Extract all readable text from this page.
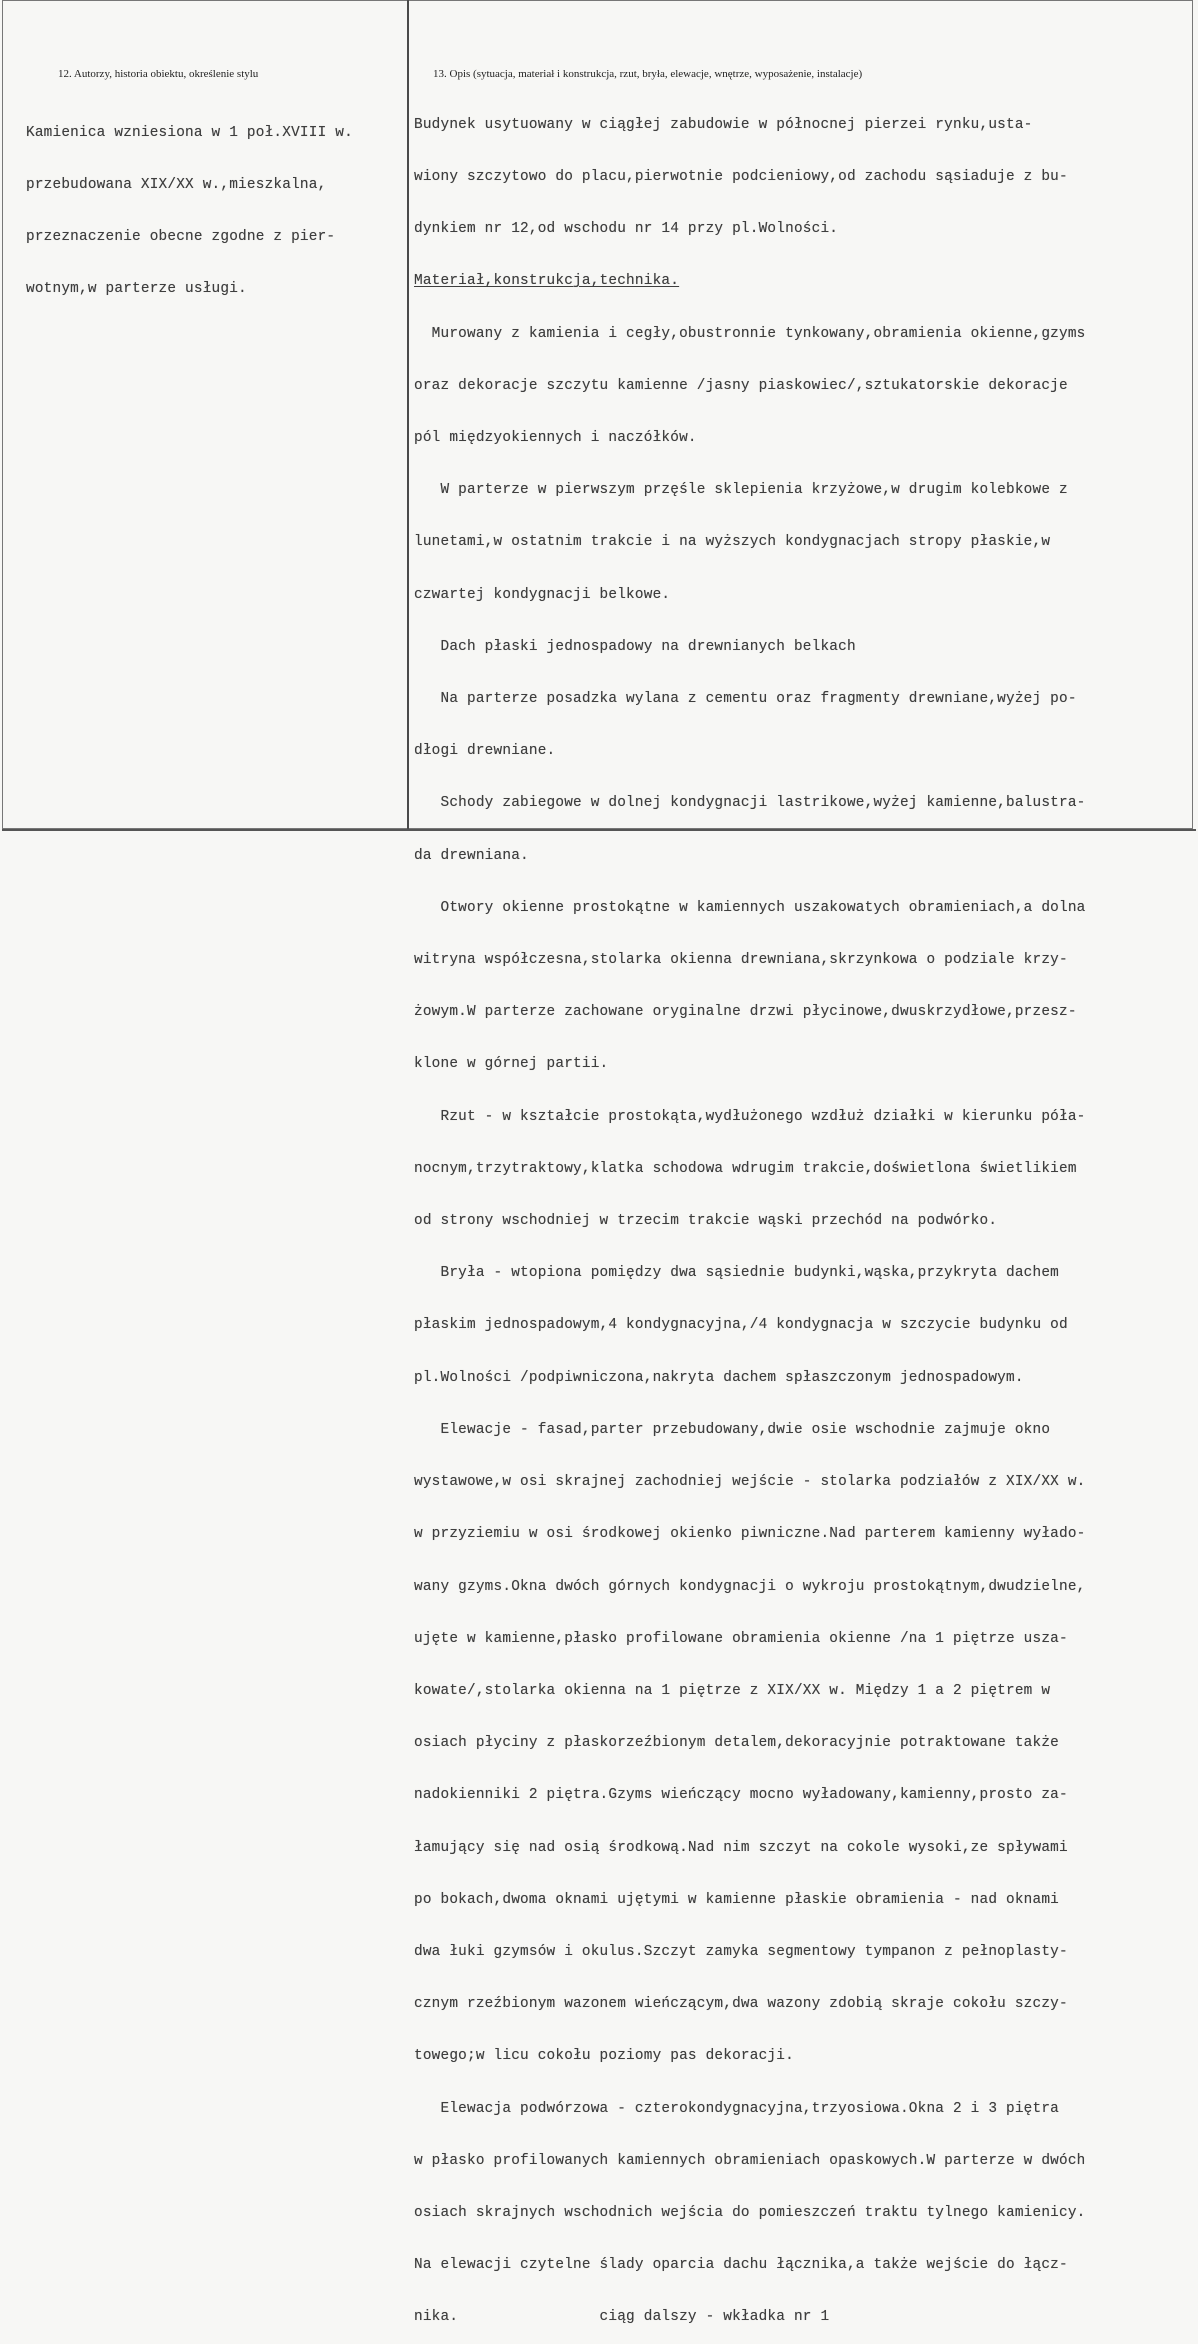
12. Autorzy, historia obiektu, określenie stylu	13. Opis (sytuacja, materiał i konstrukcja, rzut, bryła, elewacje, wnętrze, wyposażenie, instalacje)

Kamienica wzniesiona w 1 poł.XVIII w.

przebudowana XIX/XX w.,mieszkalna,

przeznaczenie obecne zgodne z pier-

wotnym,w parterze usługi.

Budynek usytuowany w ciągłej zabudowie w północnej pierzei rynku,usta-

wiony szczytowo do placu,pierwotnie podcieniowy,od zachodu sąsiaduje z bu-

dynkiem nr 12,od wschodu nr 14 przy pl.Wolności.

Materiał,konstrukcja,technika.

Murowany z kamienia i cegły,obustronnie tynkowany,obramienia okienne,gzyms

oraz dekoracje szczytu kamienne /jasny piaskowiec/,sztukatorskie dekoracje

pól międzyokiennych i naczółków.

W parterze w pierwszym przęśle sklepienia krzyżowe,w drugim kolebkowe z

lunetami,w ostatnim trakcie i na wyższych kondygnacjach stropy płaskie,w

czwartej kondygnacji belkowe.

Dach płaski jednospadowy na drewnianych belkach

Na parterze posadzka wylana z cementu oraz fragmenty drewniane,wyżej po-

dłogi drewniane.

Schody zabiegowe w dolnej kondygnacji lastrikowe,wyżej kamienne,balustra-

da drewniana.

Otwory okienne prostokątne w kamiennych uszakowatych obramieniach,a dolna

witryna współczesna,stolarka okienna drewniana,skrzynkowa o podziale krzy-

żowym.W parterze zachowane oryginalne drzwi płycinowe,dwuskrzydłowe,przesz-

klone w górnej partii.

Rzut - w kształcie prostokąta,wydłużonego wzdłuż działki w kierunku póła-

nocnym,trzytraktowy,klatka schodowa wdrugim trakcie,doświetlona świetlikiem

od strony wschodniej w trzecim trakcie wąski przechód na podwórko.

Bryła - wtopiona pomiędzy dwa sąsiednie budynki,wąska,przykryta dachem

płaskim jednospadowym,4 kondygnacyjna,/4 kondygnacja w szczycie budynku od

pl.Wolności /podpiwniczona,nakryta dachem spłaszczonym jednospadowym.

Elewacje - fasad,parter przebudowany,dwie osie wschodnie zajmuje okno

wystawowe,w osi skrajnej zachodniej wejście - stolarka podziałów z XIX/XX w.

w przyziemiu w osi środkowej okienko piwniczne.Nad parterem kamienny wyłado-

wany gzyms.Okna dwóch górnych kondygnacji o wykroju prostokątnym,dwudzielne,

ujęte w kamienne,płasko profilowane obramienia okienne /na 1 piętrze usza-

kowate/,stolarka okienna na 1 piętrze z XIX/XX w. Między 1 a 2 piętrem w

osiach płyciny z płaskorzeźbionym detalem,dekoracyjnie potraktowane także

nadokienniki 2 piętra.Gzyms wieńczący mocno wyładowany,kamienny,prosto za-

łamujący się nad osią środkową.Nad nim szczyt na cokole wysoki,ze spływami

po bokach,dwoma oknami ujętymi w kamienne płaskie obramienia - nad oknami

dwa łuki gzymsów i okulus.Szczyt zamyka segmentowy tympanon z pełnoplasty-

cznym rzeźbionym wazonem wieńczącym,dwa wazony zdobią skraje cokołu szczy-

towego;w licu cokołu poziomy pas dekoracji.

Elewacja podwórzowa - czterokondygnacyjna,trzyosiowa.Okna 2 i 3 piętra

w płasko profilowanych kamiennych obramieniach opaskowych.W parterze w dwóch

osiach skrajnych wschodnich wejścia do pomieszczeń traktu tylnego kamienicy.

Na elewacji czytelne ślady oparcia dachu łącznika,a także wejście do łącz-

nika.                ciąg dalszy - wkładka nr 1
